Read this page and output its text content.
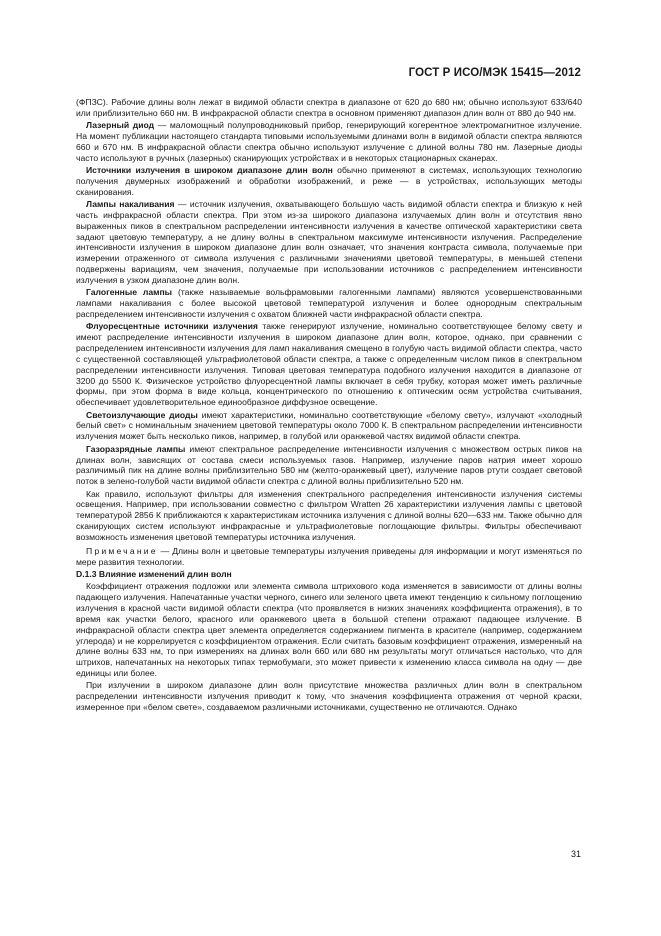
ГОСТ Р ИСО/МЭК 15415—2012

(ФПЗС). Рабочие длины волн лежат в видимой области спектра в диапазоне от 620 до 680 нм; обычно используют 633/640 или приблизительно 660 нм. В инфракрасной области спектра в основном применяют диапазон длин волн от 880 до 940 нм.

Лазерный диод — маломощный полупроводниковый прибор, генерирующий когерентное электромагнитное излучение. На момент публикации настоящего стандарта типовыми используемыми длинами волн в видимой области спектра являются 660 и 670 нм. В инфракрасной области спектра обычно используют излучение с длиной волны 780 нм. Лазерные диоды часто используют в ручных (лазерных) сканирующих устройствах и в некоторых стационарных сканерах.

Источники излучения в широком диапазоне длин волн обычно применяют в системах, использующих технологию получения двумерных изображений и обработки изображений, и реже — в устройствах, использующих методы сканирования.

Лампы накаливания — источник излучения, охватывающего большую часть видимой области спектра и близкую к ней часть инфракрасной области спектра. При этом из-за широкого диапазона излучаемых длин волн и отсутствия явно выраженных пиков в спектральном распределении интенсивности излучения в качестве оптической характеристики света задают цветовую температуру, а не длину волны в спектральном максимуме интенсивности излучения. Распределение интенсивности излучения в широком диапазоне длин волн означает, что значения контраста символа, получаемые при измерении отраженного от символа излучения с различными значениями цветовой температуры, в меньшей степени подвержены вариациям, чем значения, получаемые при использовании источников с распределением интенсивности излучения в узком диапазоне длин волн.

Галогенные лампы (также называемые вольфрамовыми галогенными лампами) являются усовершенствованными лампами накаливания с более высокой цветовой температурой излучения и более однородным спектральным распределением интенсивности излучения с охватом ближней части инфракрасной области спектра.

Флуоресцентные источники излучения также генерируют излучение, номинально соответствующее белому свету и имеют распределение интенсивности излучения в широком диапазоне длин волн, которое, однако, при сравнении с распределением интенсивности излучения для ламп накаливания смещено в голубую часть видимой области спектра, часто с существенной составляющей ультрафиолетовой области спектра, а также с определенным числом пиков в спектральном распределении интенсивности излучения. Типовая цветовая температура подобного излучения находится в диапазоне от 3200 до 5500 К. Физическое устройство флуоресцентной лампы включает в себя трубку, которая может иметь различные формы, при этом форма в виде кольца, концентрического по отношению к оптическим осям устройства считывания, обеспечивает удовлетворительное единообразное диффузное освещение.

Светоизлучающие диоды имеют характеристики, номинально соответствующие «белому свету», излучают «холодный белый свет» с номинальным значением цветовой температуры около 7000 К. В спектральном распределении интенсивности излучения может быть несколько пиков, например, в голубой или оранжевой частях видимой области спектра.

Газоразрядные лампы имеют спектральное распределение интенсивности излучения с множеством острых пиков на длинах волн, зависящих от состава смеси используемых газов. Например, излучение паров натрия имеет хорошо различимый пик на длине волны приблизительно 580 нм (желто-оранжевый цвет), излучение паров ртути создает световой поток в зелено-голубой части видимой области спектра с длиной волны приблизительно 520 нм.

Как правило, используют фильтры для изменения спектрального распределения интенсивности излучения системы освещения. Например, при использовании совместно с фильтром Wratten 26 характеристики излучения лампы с цветовой температурой 2856 К приближаются к характеристикам источника излучения с длиной волны 620—633 нм. Также обычно для сканирующих систем используют инфракрасные и ультрафиолетовые поглощающие фильтры. Фильтры обеспечивают возможность изменения цветовой температуры источника излучения.

Примечание — Длины волн и цветовые температуры излучения приведены для информации и могут изменяться по мере развития технологии.

D.1.3 Влияние изменений длин волн

Коэффициент отражения подложки или элемента символа штрихового кода изменяется в зависимости от длины волны падающего излучения. Напечатанные участки черного, синего или зеленого цвета имеют тенденцию к сильному поглощению излучения в красной части видимой области спектра (что проявляется в низких значениях коэффициента отражения), в то время как участки белого, красного или оранжевого цвета в большой степени отражают падающее излучение. В инфракрасной области спектра цвет элемента определяется содержанием пигмента в красителе (например, содержанием углерода) и не коррелируется с коэффициентом отражения. Если считать базовым коэффициент отражения, измеренный на длине волны 633 нм, то при измерениях на длинах волн 660 или 680 нм результаты могут отличаться настолько, что для штрихов, напечатанных на некоторых типах термобумаги, это может привести к изменению класса символа на одну — две единицы или более.

При излучении в широком диапазоне длин волн присутствие множества различных длин волн в спектральном распределении интенсивности излучения приводит к тому, что значения коэффициента отражения от черной краски, измеренное при «белом свете», создаваемом различными источниками, существенно не отличаются. Однако

31
